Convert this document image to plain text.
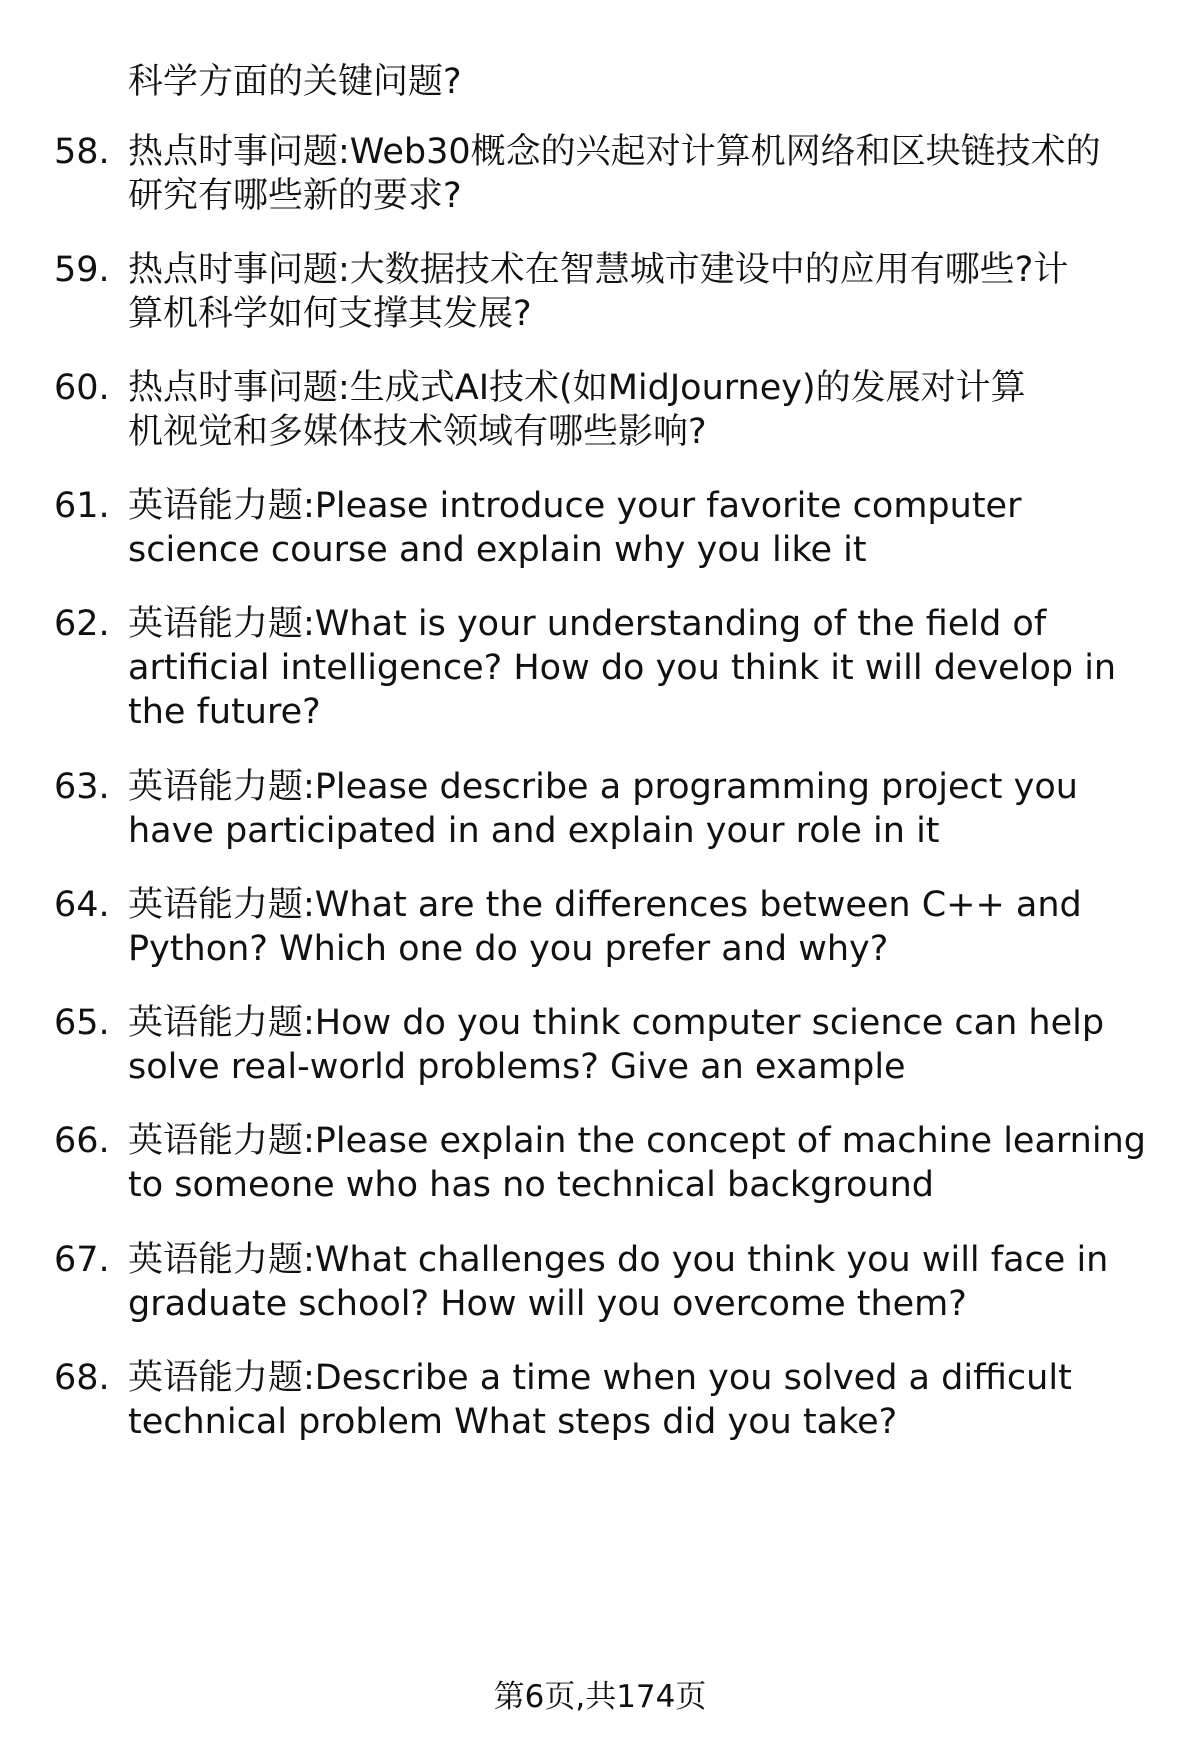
科学方面的关键问题?
58. 热点时事问题:Web30概念的兴起对计算机网络和区块链技术的
研究有哪些新的要求?
59. 热点时事问题:大数据技术在智慧城市建设中的应用有哪些?计
算机科学如何支撑其发展?
60. 热点时事问题:生成式AI技术(如MidJourney)的发展对计算
机视觉和多媒体技术领域有哪些影响?
61. 英语能力题:Please introduce your favorite computer
science course and explain why you like it
62. 英语能力题:What is your understanding of the field of
artificial intelligence? How do you think it will develop in
the future?
63. 英语能力题:Please describe a programming project you
have participated in and explain your role in it
64. 英语能力题:What are the differences between C++ and
Python? Which one do you prefer and why?
65. 英语能力题:How do you think computer science can help
solve real-world problems? Give an example
66. 英语能力题:Please explain the concept of machine learning
to someone who has no technical background
67. 英语能力题:What challenges do you think you will face in
graduate school? How will you overcome them?
68. 英语能力题:Describe a time when you solved a difficult
technical problem What steps did you take?
第6页,共174页
